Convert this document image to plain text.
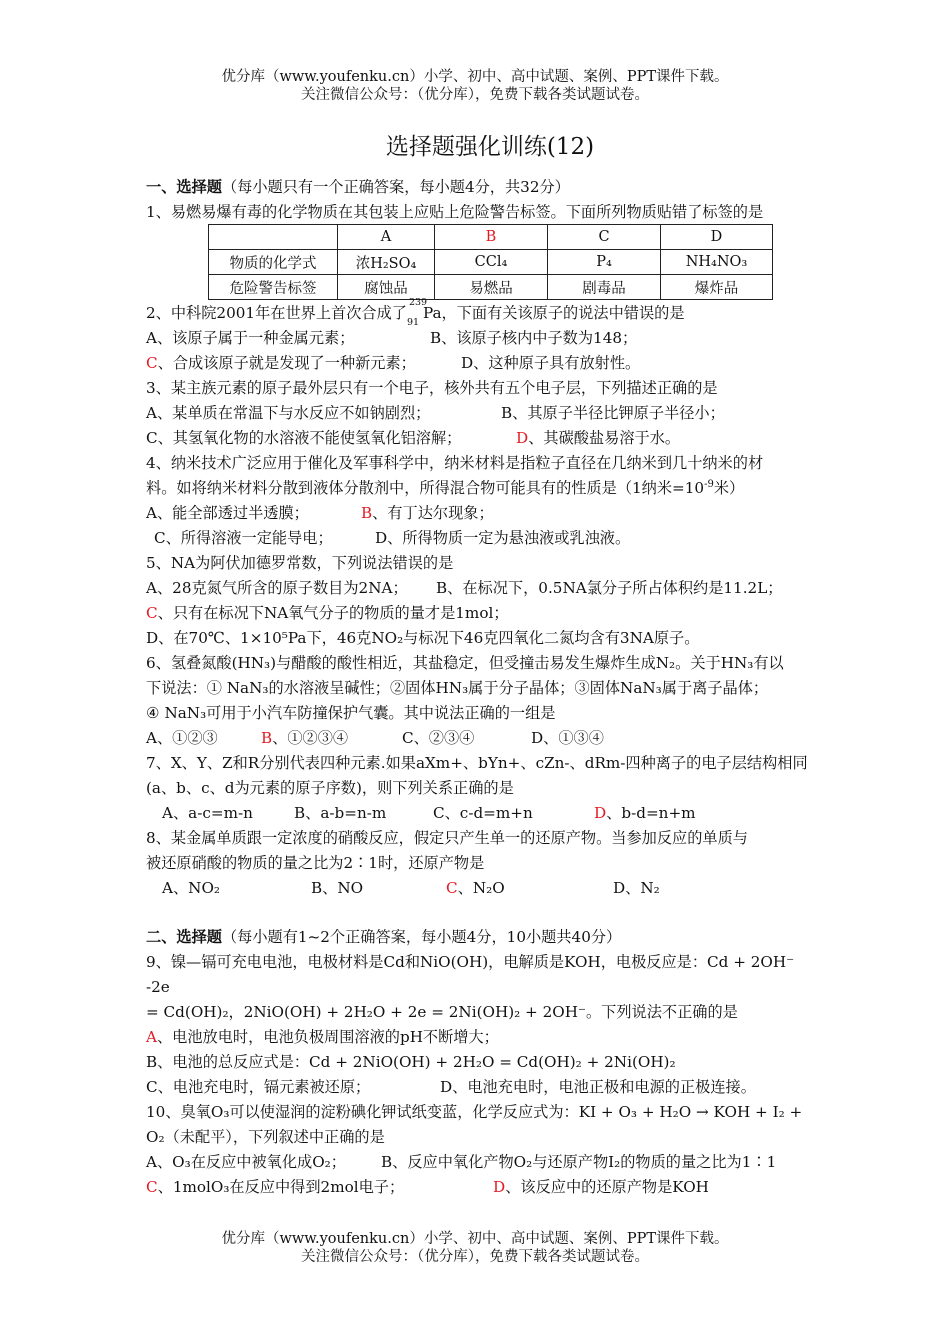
优分库（www.youfenku.cn）小学、初中、高中试题、案例、PPT课件下载。
关注微信公众号：（优分库），免费下载各类试题试卷。
选择题强化训练(12)
一、选择题（每小题只有一个正确答案，每小题4分，共32分）
1、易燃易爆有毒的化学物质在其包装上应贴上危险警告标签。下面所列物质贴错了标签的是
	A	B	C	D
物质的化学式	浓H₂SO₄	CCl₄	P₄	NH₄NO₃
危险警告标签	腐蚀品	易燃品	剧毒品	爆炸品
2、中科院2001年在世界上首次合成了
239
91
Pa，下面有关该原子的说法中错误的是
A、该原子属于一种金属元素；	B、该原子核内中子数为148；
C、合成该原子就是发现了一种新元素；	D、这种原子具有放射性。
3、某主族元素的原子最外层只有一个电子，核外共有五个电子层，下列描述正确的是
A、某单质在常温下与水反应不如钠剧烈；	B、其原子半径比钾原子半径小；
C、其氢氧化物的水溶液不能使氢氧化铝溶解；	D、其碳酸盐易溶于水。
4、纳米技术广泛应用于催化及军事科学中，纳米材料是指粒子直径在几纳米到几十纳米的材
料。如将纳米材料分散到液体分散剂中，所得混合物可能具有的性质是（1纳米$=10^{-9}$米）
A、能全部透过半透膜；	B、有丁达尔现象；
C、所得溶液一定能导电；	D、所得物质一定为悬浊液或乳浊液。
5、NA为阿伏加德罗常数，下列说法错误的是
A、28克氮气所含的原子数目为2NA； B、在标况下，0.5NA氯分子所占体积约是11.2L；
C、只有在标况下NA氧气分子的物质的量才是1mol；
D、在70℃、1×10⁵Pa下，46克NO₂与标况下46克四氧化二氮均含有3NA原子。
6、氢叠氮酸(HN₃)与醋酸的酸性相近，其盐稳定，但受撞击易发生爆炸生成N₂。关于HN₃有以
下说法：① NaN₃的水溶液呈碱性；②固体HN₃属于分子晶体；③固体NaN₃属于离子晶体；
④ NaN₃可用于小汽车防撞保护气囊。其中说法正确的一组是
A、①②③	B、①②③④	C、②③④	D、①③④
7、X、Y、Z和R分别代表四种元素.如果aXm+、bYn+、cZn-、dRm-四种离子的电子层结构相同
(a、b、c、d为元素的原子序数)，则下列关系正确的是
A、a-c=m-n	B、a-b=n-m	C、c-d=m+n	D、b-d=n+m
8、某金属单质跟一定浓度的硝酸反应，假定只产生单一的还原产物。当参加反应的单质与
被还原硝酸的物质的量之比为2∶1时，还原产物是
A、NO₂	B、NO	C、N₂O	D、N₂
二、选择题（每小题有1~2个正确答案，每小题4分，10小题共40分）
9、镍—镉可充电电池，电极材料是Cd和NiO(OH)，电解质是KOH，电极反应是：Cd + 2OH⁻
-2e
= Cd(OH)₂，2NiO(OH) + 2H₂O + 2e = 2Ni(OH)₂ + 2OH⁻。下列说法不正确的是
A、电池放电时，电池负极周围溶液的pH不断增大；
B、电池的总反应式是：Cd + 2NiO(OH) + 2H₂O = Cd(OH)₂ + 2Ni(OH)₂
C、电池充电时，镉元素被还原；	D、电池充电时，电池正极和电源的正极连接。
10、臭氧O₃可以使湿润的淀粉碘化钾试纸变蓝，化学反应式为：KI + O₃ + H₂O → KOH + I₂ +
O₂（未配平），下列叙述中正确的是
A、O₃在反应中被氧化成O₂； B、反应中氧化产物O₂与还原产物I₂的物质的量之比为1∶1
C、1molO₃在反应中得到2mol电子；	D、该反应中的还原产物是KOH
优分库（www.youfenku.cn）小学、初中、高中试题、案例、PPT课件下载。
关注微信公众号：（优分库），免费下载各类试题试卷。
